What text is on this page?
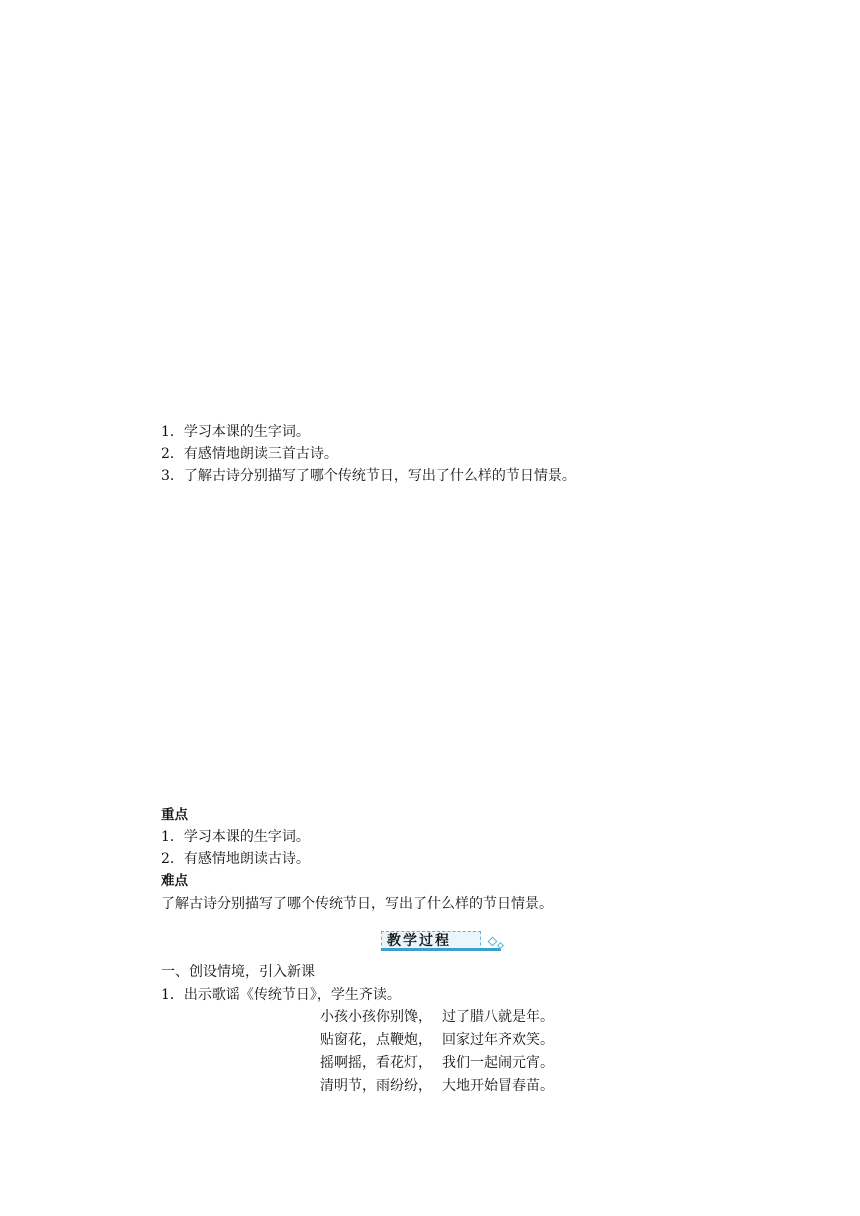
1．学习本课的生字词。
2．有感情地朗读三首古诗。
3．了解古诗分别描写了哪个传统节日，写出了什么样的节日情景。
重点
1．学习本课的生字词。
2．有感情地朗读古诗。
难点
了解古诗分别描写了哪个传统节日，写出了什么样的节日情景。
教学过程
一、创设情境，引入新课
1．出示歌谣《传统节日》，学生齐读。
小孩小孩你别馋， 过了腊八就是年。
贴窗花，点鞭炮， 回家过年齐欢笑。
摇啊摇，看花灯， 我们一起闹元宵。
清明节，雨纷纷， 大地开始冒春苗。
